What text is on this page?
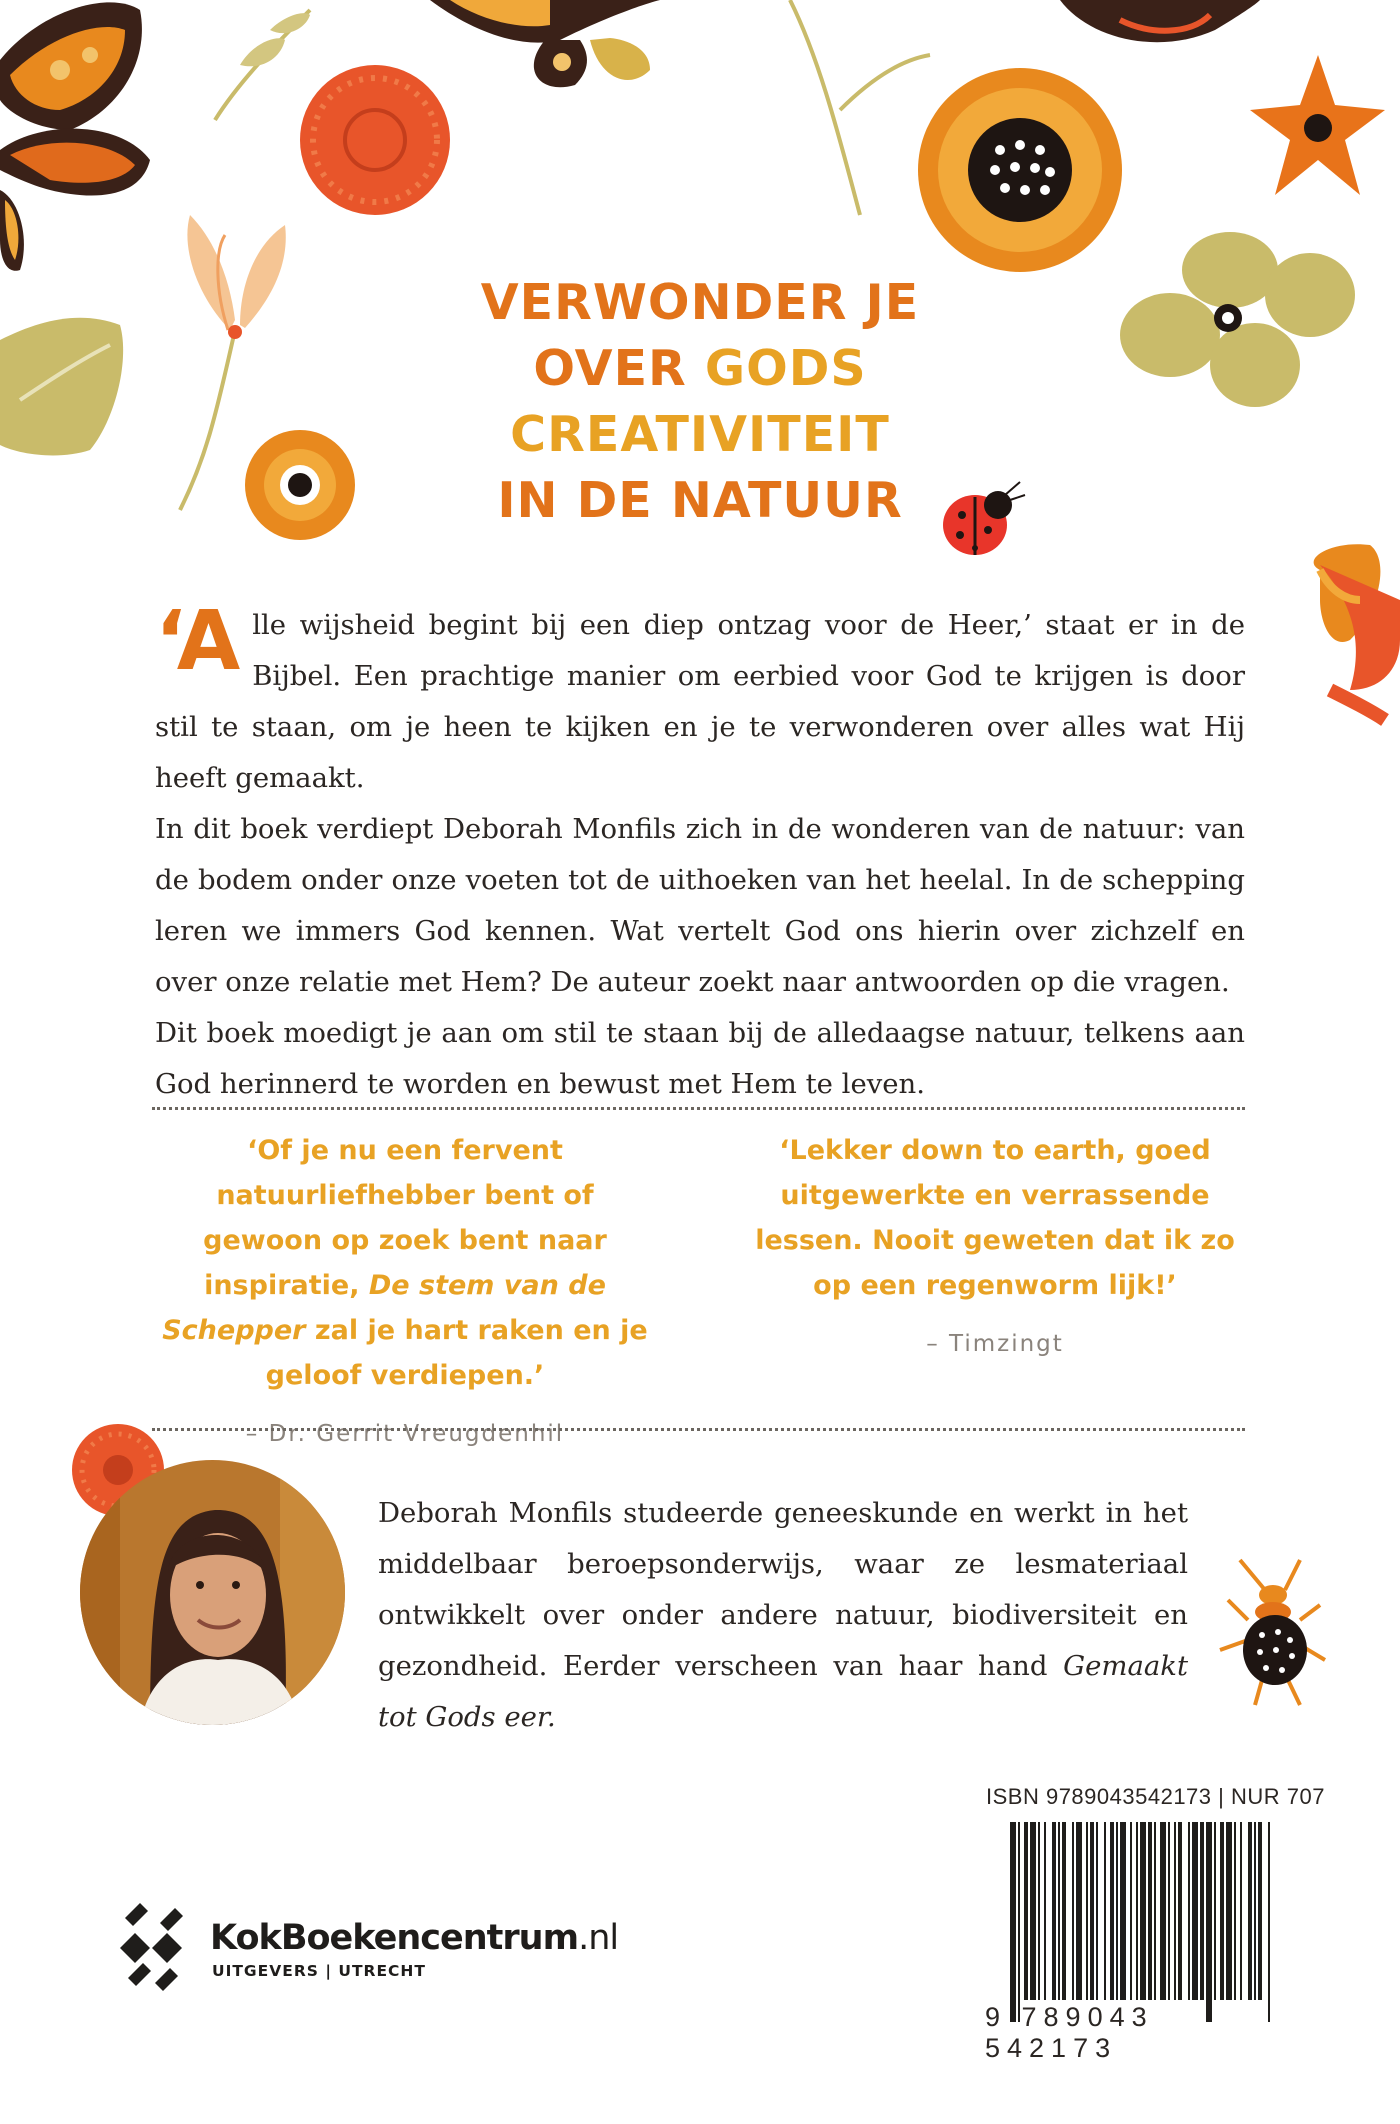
VERWONDER JE
OVER GODS
CREATIVITEIT
IN DE NATUUR

‘Alle wijsheid begint bij een diep ontzag voor de Heer,’ staat er in de Bijbel. Een prachtige manier om eerbied voor God te krijgen is door stil te staan, om je heen te kijken en je te verwonderen over alles wat Hij heeft gemaakt.

In dit boek verdiept Deborah Monfils zich in de wonderen van de natuur: van de bodem onder onze voeten tot de uithoeken van het heelal. In de schepping leren we immers God kennen. Wat vertelt God ons hierin over zichzelf en over onze relatie met Hem? De auteur zoekt naar antwoorden op die vragen.

Dit boek moedigt je aan om stil te staan bij de alledaagse natuur, telkens aan God herinnerd te worden en bewust met Hem te leven.

‘Of je nu een fervent natuurliefhebber bent of gewoon op zoek bent naar inspiratie, De stem van de Schepper zal je hart raken en je geloof verdiepen.’
– Dr. Gerrit Vreugdenhil
‘Lekker down to earth, goed uitgewerkte en verrassende lessen. Nooit geweten dat ik zo op een regenworm lijk!’
– Timzingt
Deborah Monfils studeerde geneeskunde en werkt in het middelbaar beroepsonderwijs, waar ze lesmateriaal ontwikkelt over onder andere natuur, biodiversiteit en gezondheid. Eerder verscheen van haar hand Gemaakt tot Gods eer.
KokBoekencentrum.nl
UITGEVERS | UTRECHT
ISBN 9789043542173 | NUR 707
9 789043 542173
